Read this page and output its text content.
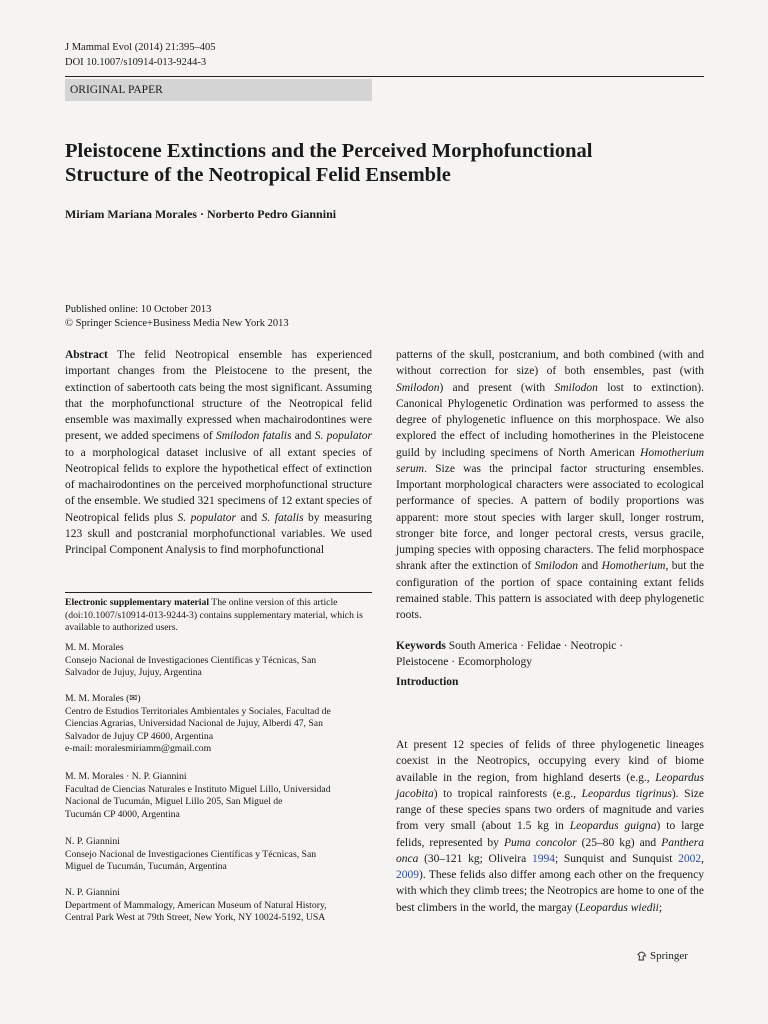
J Mammal Evol (2014) 21:395–405
DOI 10.1007/s10914-013-9244-3
ORIGINAL PAPER
Pleistocene Extinctions and the Perceived Morphofunctional
Structure of the Neotropical Felid Ensemble
Miriam Mariana Morales · Norberto Pedro Giannini
Published online: 10 October 2013
© Springer Science+Business Media New York 2013
Abstract The felid Neotropical ensemble has experienced important changes from the Pleistocene to the present, the extinction of sabertooth cats being the most significant. Assuming that the morphofunctional structure of the Neotropical felid ensemble was maximally expressed when machairodontines were present, we added specimens of Smilodon fatalis and S. populator to a morphological dataset inclusive of all extant species of Neotropical felids to explore the hypothetical effect of extinction of machairodontines on the perceived morphofunctional structure of the ensemble. We studied 321 specimens of 12 extant species of Neotropical felids plus S. populator and S. fatalis by measuring 123 skull and postcranial morphofunctional variables. We used Principal Component Analysis to find morphofunctional
patterns of the skull, postcranium, and both combined (with and without correction for size) of both ensembles, past (with Smilodon) and present (with Smilodon lost to extinction). Canonical Phylogenetic Ordination was performed to assess the degree of phylogenetic influence on this morphospace. We also explored the effect of including homotherines in the Pleistocene guild by including specimens of North American Homotherium serum. Size was the principal factor structuring ensembles. Important morphological characters were associated to ecological performance of species. A pattern of bodily proportions was apparent: more stout species with larger skull, longer rostrum, stronger bite force, and longer pectoral crests, versus gracile, jumping species with opposing characters. The felid morphospace shrank after the extinction of Smilodon and Homotherium, but the configuration of the portion of space containing extant felids remained stable. This pattern is associated with deep phylogenetic roots.
Keywords South America · Felidae · Neotropic ·
Pleistocene · Ecomorphology
Introduction
At present 12 species of felids of three phylogenetic lineages coexist in the Neotropics, occupying every kind of biome available in the region, from highland deserts (e.g., Leopardus jacobita) to tropical rainforests (e.g., Leopardus tigrinus). Size range of these species spans two orders of magnitude and varies from very small (about 1.5 kg in Leopardus guigna) to large felids, represented by Puma concolor (25–80 kg) and Panthera onca (30–121 kg; Oliveira 1994; Sunquist and Sunquist 2002, 2009). These felids also differ among each other on the frequency with which they climb trees; the Neotropics are home to one of the best climbers in the world, the margay (Leopardus wiedii;
Electronic supplementary material The online version of this article (doi:10.1007/s10914-013-9244-3) contains supplementary material, which is available to authorized users.
M. M. Morales
Consejo Nacional de Investigaciones Científicas y Técnicas, San
Salvador de Jujuy, Jujuy, Argentina
M. M. Morales (✉)
Centro de Estudios Territoriales Ambientales y Sociales, Facultad de
Ciencias Agrarias, Universidad Nacional de Jujuy, Alberdi 47, San
Salvador de Jujuy CP 4600, Argentina
e-mail: moralesmiriamm@gmail.com
M. M. Morales · N. P. Giannini
Facultad de Ciencias Naturales e Instituto Miguel Lillo, Universidad
Nacional de Tucumán, Miguel Lillo 205, San Miguel de
Tucumán CP 4000, Argentina
N. P. Giannini
Consejo Nacional de Investigaciones Científicas y Técnicas, San
Miguel de Tucumán, Tucumán, Argentina
N. P. Giannini
Department of Mammalogy, American Museum of Natural History,
Central Park West at 79th Street, New York, NY 10024-5192, USA
Springer
